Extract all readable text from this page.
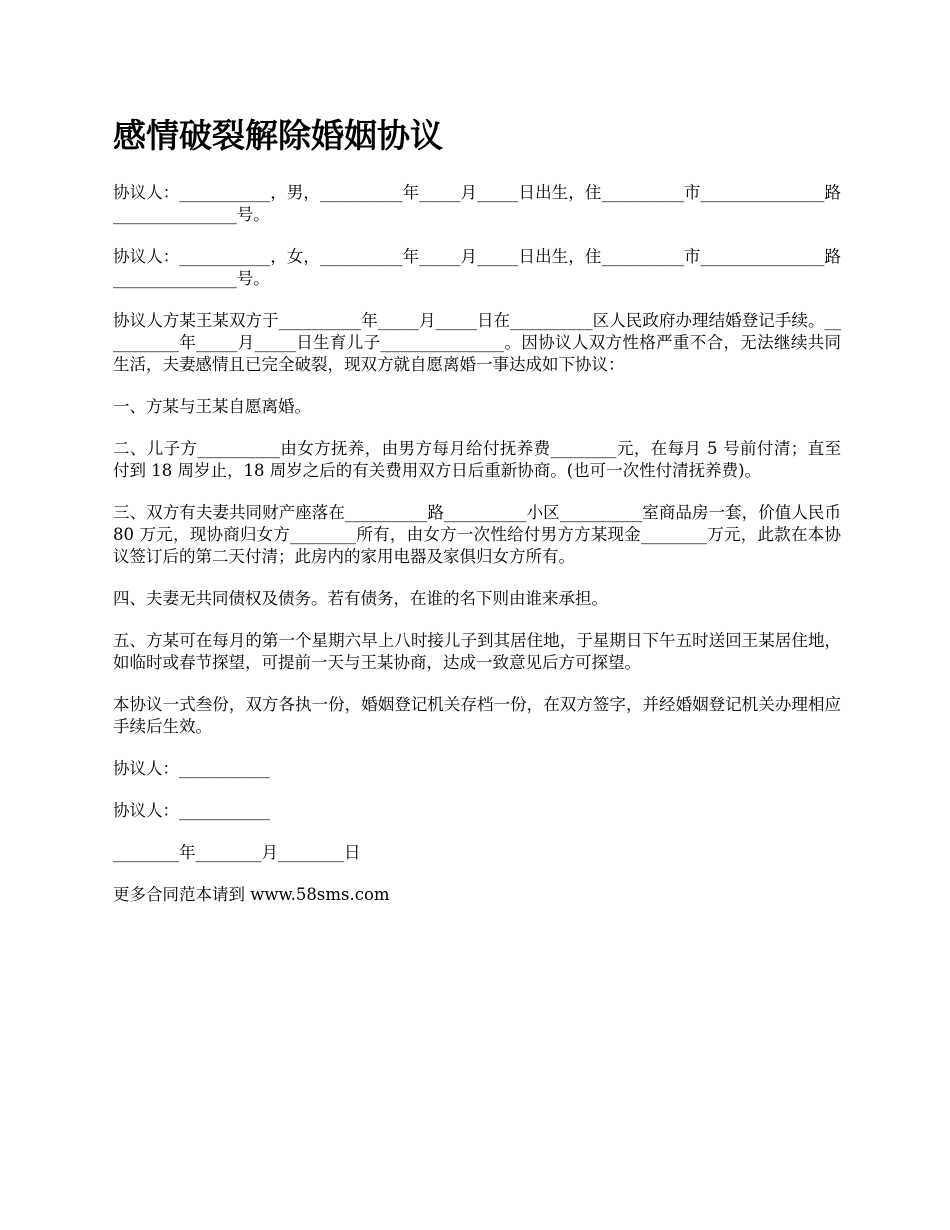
感情破裂解除婚姻协议

协议人：___________，男，__________年_____月_____日出生，住__________市_______________路_______________号。

协议人：___________，女，__________年_____月_____日出生，住__________市_______________路_______________号。

协议人方某王某双方于__________年_____月_____日在__________区人民政府办理结婚登记手续。__________年_____月_____日生育儿子_______________。因协议人双方性格严重不合，无法继续共同生活，夫妻感情且已完全破裂，现双方就自愿离婚一事达成如下协议：

一、方某与王某自愿离婚。

二、儿子方__________由女方抚养，由男方每月给付抚养费________元，在每月 5 号前付清；直至付到 18 周岁止，18 周岁之后的有关费用双方日后重新协商。(也可一次性付清抚养费)。

三、双方有夫妻共同财产座落在__________路__________小区__________室商品房一套，价值人民币 80 万元，现协商归女方________所有，由女方一次性给付男方方某现金________万元，此款在本协议签订后的第二天付清；此房内的家用电器及家俱归女方所有。

四、夫妻无共同债权及债务。若有债务，在谁的名下则由谁来承担。

五、方某可在每月的第一个星期六早上八时接儿子到其居住地，于星期日下午五时送回王某居住地，如临时或春节探望，可提前一天与王某协商，达成一致意见后方可探望。

本协议一式叁份，双方各执一份，婚姻登记机关存档一份，在双方签字，并经婚姻登记机关办理相应手续后生效。

协议人：___________

协议人：___________

________年________月________日

更多合同范本请到 www.58sms.com
